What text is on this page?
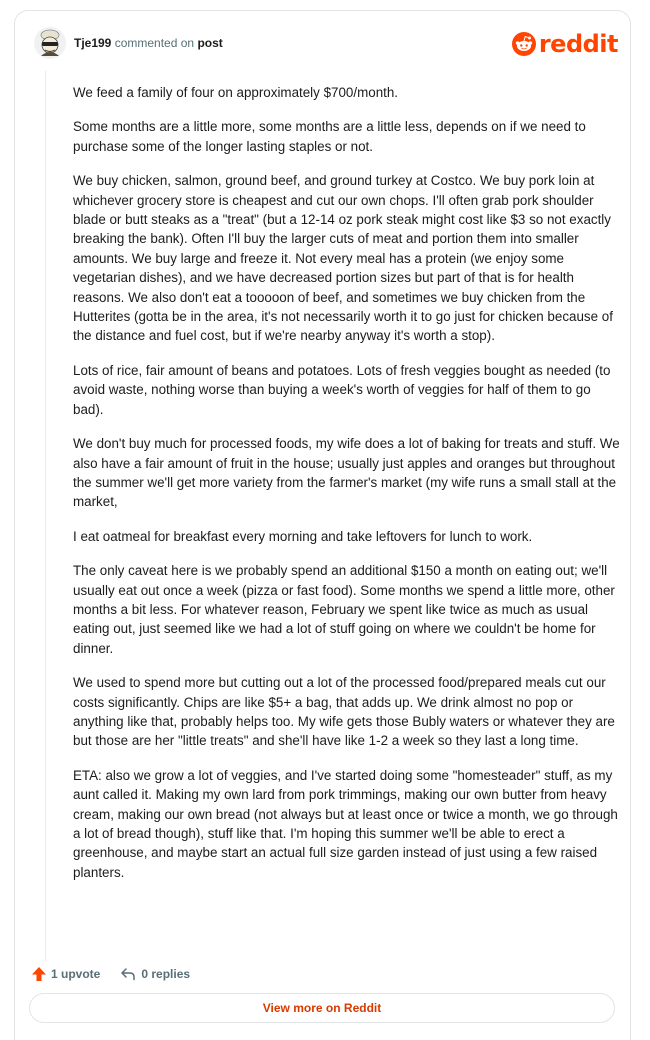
Tje199 commented on post	reddit

We feed a family of four on approximately $700/month.

Some months are a little more, some months are a little less, depends on if we need to purchase some of the longer lasting staples or not.

We buy chicken, salmon, ground beef, and ground turkey at Costco. We buy pork loin at whichever grocery store is cheapest and cut our own chops. I'll often grab pork shoulder blade or butt steaks as a "treat" (but a 12-14 oz pork steak might cost like $3 so not exactly breaking the bank). Often I'll buy the larger cuts of meat and portion them into smaller amounts. We buy large and freeze it. Not every meal has a protein (we enjoy some vegetarian dishes), and we have decreased portion sizes but part of that is for health reasons. We also don't eat a tooooon of beef, and sometimes we buy chicken from the Hutterites (gotta be in the area, it's not necessarily worth it to go just for chicken because of the distance and fuel cost, but if we're nearby anyway it's worth a stop).

Lots of rice, fair amount of beans and potatoes. Lots of fresh veggies bought as needed (to avoid waste, nothing worse than buying a week's worth of veggies for half of them to go bad).

We don't buy much for processed foods, my wife does a lot of baking for treats and stuff. We also have a fair amount of fruit in the house; usually just apples and oranges but throughout the summer we'll get more variety from the farmer's market (my wife runs a small stall at the market,

I eat oatmeal for breakfast every morning and take leftovers for lunch to work.

The only caveat here is we probably spend an additional $150 a month on eating out; we'll usually eat out once a week (pizza or fast food). Some months we spend a little more, other months a bit less. For whatever reason, February we spent like twice as much as usual eating out, just seemed like we had a lot of stuff going on where we couldn't be home for dinner.

We used to spend more but cutting out a lot of the processed food/prepared meals cut our costs significantly. Chips are like $5+ a bag, that adds up. We drink almost no pop or anything like that, probably helps too. My wife gets those Bubly waters or whatever they are but those are her "little treats" and she'll have like 1-2 a week so they last a long time.

ETA: also we grow a lot of veggies, and I've started doing some "homesteader" stuff, as my aunt called it. Making my own lard from pork trimmings, making our own butter from heavy cream, making our own bread (not always but at least once or twice a month, we go through a lot of bread though), stuff like that. I'm hoping this summer we'll be able to erect a greenhouse, and maybe start an actual full size garden instead of just using a few raised planters.

1 upvote	0 replies
View more on Reddit
